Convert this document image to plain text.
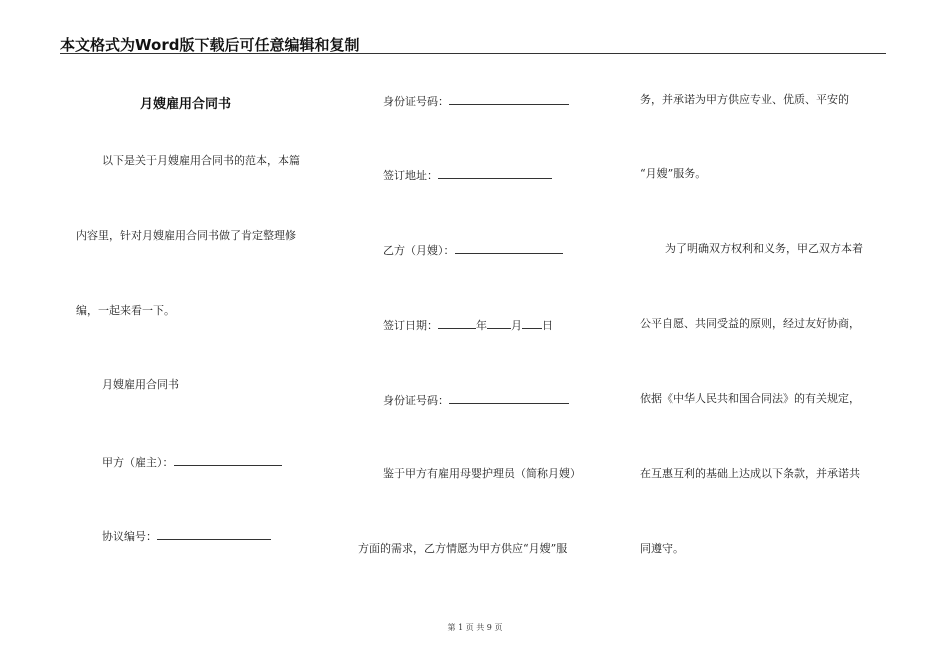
本文格式为Word版下载后可任意编辑和复制
月嫂雇用合同书
以下是关于月嫂雇用合同书的范本，本篇
内容里，针对月嫂雇用合同书做了肯定整理修
编，一起来看一下。
月嫂雇用合同书
甲方（雇主）：
协议编号：
身份证号码：
签订地址：
乙方（月嫂）：
签订日期：	年 月 日
身份证号码：
鉴于甲方有雇用母婴护理员（简称月嫂）
方面的需求，乙方情愿为甲方供应“月嫂”服
务，并承诺为甲方供应专业、优质、平安的
“月嫂”服务。
为了明确双方权利和义务，甲乙双方本着
公平自愿、共同受益的原则，经过友好协商，
依据《中华人民共和国合同法》的有关规定，
在互惠互利的基础上达成以下条款，并承诺共
同遵守。
第 1 页 共 9 页
